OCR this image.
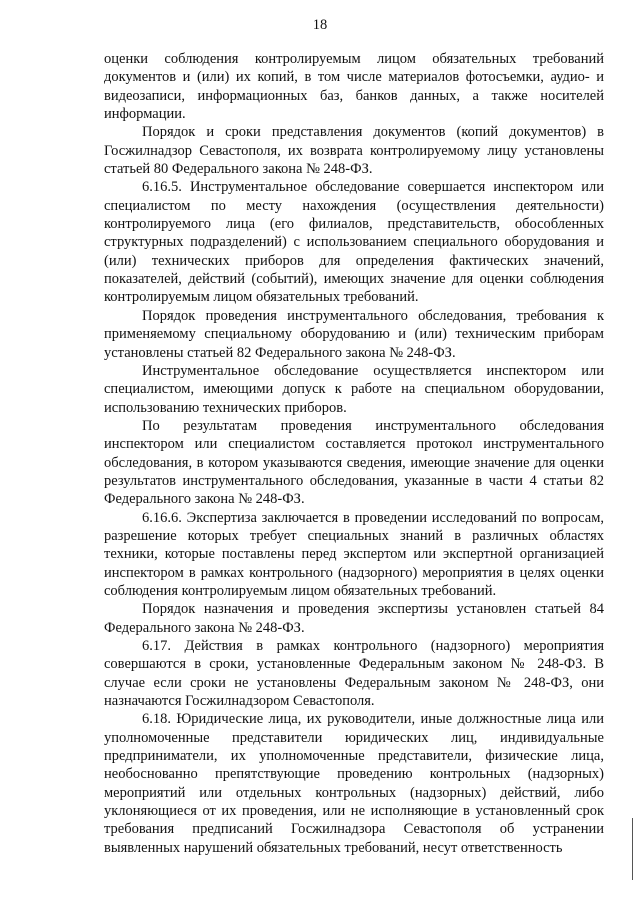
18

оценки соблюдения контролируемым лицом обязательных требований документов и (или) их копий, в том числе материалов фотосъемки, аудио- и видеозаписи, информационных баз, банков данных, а также носителей информации.

Порядок и сроки представления документов (копий документов) в Госжилнадзор Севастополя, их возврата контролируемому лицу установлены статьей 80 Федерального закона № 248-ФЗ.

6.16.5. Инструментальное обследование совершается инспектором или специалистом по месту нахождения (осуществления деятельности) контролируемого лица (его филиалов, представительств, обособленных структурных подразделений) с использованием специального оборудования и (или) технических приборов для определения фактических значений, показателей, действий (событий), имеющих значение для оценки соблюдения контролируемым лицом обязательных требований.

Порядок проведения инструментального обследования, требования к применяемому специальному оборудованию и (или) техническим приборам установлены статьей 82 Федерального закона № 248-ФЗ.

Инструментальное обследование осуществляется инспектором или специалистом, имеющими допуск к работе на специальном оборудовании, использованию технических приборов.

По результатам проведения инструментального обследования инспектором или специалистом составляется протокол инструментального обследования, в котором указываются сведения, имеющие значение для оценки результатов инструментального обследования, указанные в части 4 статьи 82 Федерального закона № 248-ФЗ.

6.16.6. Экспертиза заключается в проведении исследований по вопросам, разрешение которых требует специальных знаний в различных областях техники, которые поставлены перед экспертом или экспертной организацией инспектором в рамках контрольного (надзорного) мероприятия в целях оценки соблюдения контролируемым лицом обязательных требований.

Порядок назначения и проведения экспертизы установлен статьей 84 Федерального закона № 248-ФЗ.

6.17. Действия в рамках контрольного (надзорного) мероприятия совершаются в сроки, установленные Федеральным законом № 248-ФЗ. В случае если сроки не установлены Федеральным законом № 248-ФЗ, они назначаются Госжилнадзором Севастополя.

6.18. Юридические лица, их руководители, иные должностные лица или уполномоченные представители юридических лиц, индивидуальные предприниматели, их уполномоченные представители, физические лица, необоснованно препятствующие проведению контрольных (надзорных) мероприятий или отдельных контрольных (надзорных) действий, либо уклоняющиеся от их проведения, или не исполняющие в установленный срок требования предписаний Госжилнадзора Севастополя об устранении выявленных нарушений обязательных требований, несут ответственность
